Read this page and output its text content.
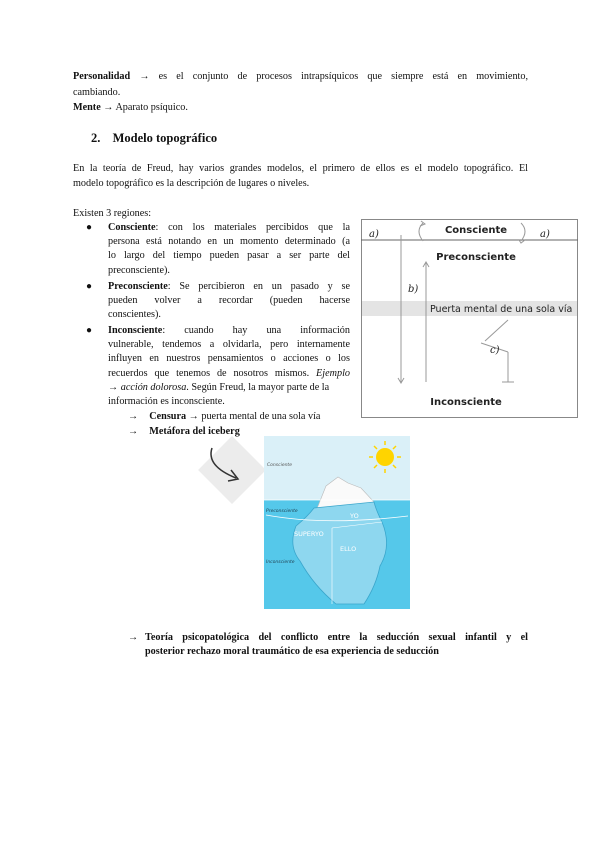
Personalidad → es el conjunto de procesos intrapsíquicos que siempre está en movimiento,
cambiando.
Mente → Aparato psíquico.
2. Modelo topográfico
En la teoría de Freud, hay varios grandes modelos, el primero de ellos es el modelo topográfico. El
modelo topográfico es la descripción de lugares o niveles.
Existen 3 regiones:
● Consciente: con los materiales percibidos que la
persona está notando en un momento determinado (a
lo largo del tiempo pueden pasar a ser parte del
preconsciente).
● Preconsciente: Se percibieron en un pasado y se
pueden volver a recordar (pueden hacerse
conscientes).
● Inconsciente: cuando hay una información
vulnerable, tendemos a olvidarla, pero internamente
influyen en nuestros pensamientos o acciones o los
recuerdos que tenemos de nosotros mismos. Ejemplo
→ acción dolorosa. Según Freud, la mayor parte de la
información es inconsciente.
→ Censura → puerta mental de una sola vía
→ Metáfora del iceberg
→ Teoría psicopatológica del conflicto entre la seducción sexual infantil y el
posterior rechazo moral traumático de esa experiencia de seducción
a)	a)
Consciente
Preconsciente
b)
Puerta mental de una sola vía
c)
Inconsciente
Consciente
Preconsciente
Inconsciente
YO
SUPERYO
ELLO
